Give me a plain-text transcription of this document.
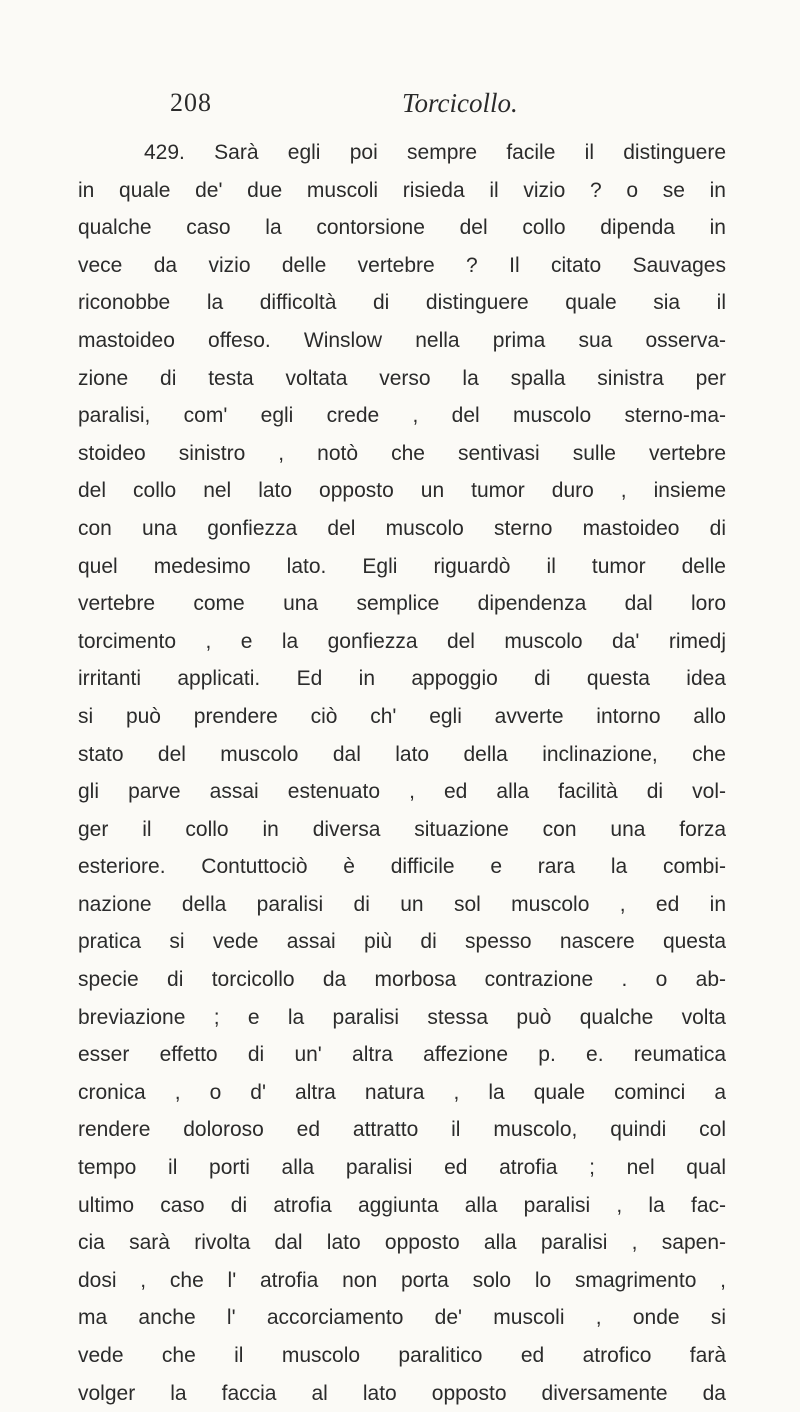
208	Torcicollo.
429. Sarà egli poi sempre facile il distinguere
in quale de' due muscoli risieda il vizio ? o se in
qualche caso la contorsione del collo dipenda in
vece da vizio delle vertebre ? Il citato Sauvages
riconobbe la difficoltà di distinguere quale sia il
mastoideo offeso. Winslow nella prima sua osserva-
zione di testa voltata verso la spalla sinistra per
paralisi, com' egli crede , del muscolo sterno-ma-
stoideo sinistro , notò che sentivasi sulle vertebre
del collo nel lato opposto un tumor duro , insieme
con una gonfiezza del muscolo sterno mastoideo di
quel medesimo lato. Egli riguardò il tumor delle
vertebre come una semplice dipendenza dal loro
torcimento , e la gonfiezza del muscolo da' rimedj
irritanti applicati. Ed in appoggio di questa idea
si può prendere ciò ch' egli avverte intorno allo
stato del muscolo dal lato della inclinazione, che
gli parve assai estenuato , ed alla facilità di vol-
ger il collo in diversa situazione con una forza
esteriore. Contuttociò è difficile e rara la combi-
nazione della paralisi di un sol muscolo , ed in
pratica si vede assai più di spesso nascere questa
specie di torcicollo da morbosa contrazione . o ab-
breviazione ; e la paralisi stessa può qualche volta
esser effetto di un' altra affezione p. e. reumatica
cronica , o d' altra natura , la quale cominci a
rendere doloroso ed attratto il muscolo, quindi col
tempo il porti alla paralisi ed atrofia ; nel qual
ultimo caso di atrofia aggiunta alla paralisi , la fac-
cia sarà rivolta dal lato opposto alla paralisi , sapen-
dosi , che l' atrofia non porta solo lo smagrimento ,
ma anche l' accorciamento de' muscoli , onde si
vede che il muscolo paralitico ed atrofico farà
volger la faccia al lato opposto diversamente da
